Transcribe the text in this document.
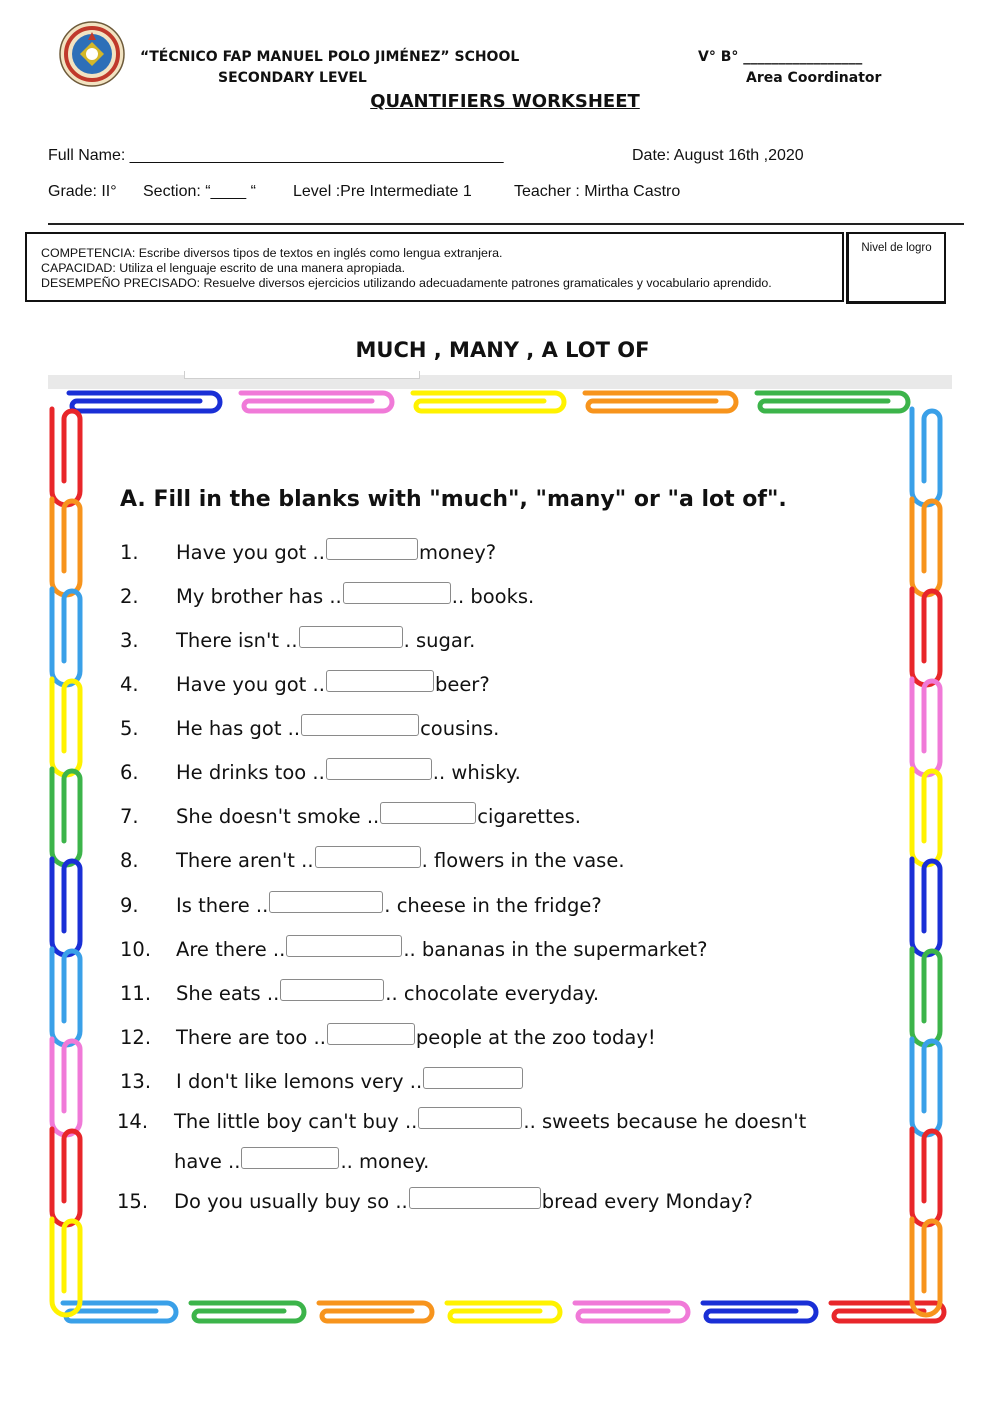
“TÉCNICO FAP MANUEL POLO JIMÉNEZ” SCHOOL
SECONDARY LEVEL
V° B° _________________
Area Coordinator
QUANTIFIERS WORKSHEET
Full Name: __________________________________________	Date: August 16th ,2020
Grade: II° Section: “____ “ Level :Pre Intermediate 1	Teacher : Mirtha Castro
COMPETENCIA: Escribe diversos tipos de textos en inglés como lengua extranjera.
CAPACIDAD: Utiliza el lenguaje escrito de una manera apropiada.
DESEMPEÑO PRECISADO: Resuelve diversos ejercicios utilizando adecuadamente patrones gramaticales y vocabulario aprendido.
Nivel de logro
MUCH , MANY , A LOT OF
A. Fill in the blanks with "much", "many" or "a lot of".
1. Have you got ..	money?
2. My brother has ..	.. books.
3. There isn't ..	. sugar.
4. Have you got ..	beer?
5. He has got ..	cousins.
6. He drinks too ..	.. whisky.
7. She doesn't smoke ..	cigarettes.
8. There aren't ..	. flowers in the vase.
9. Is there ..	. cheese in the fridge?
10. Are there ..	.. bananas in the supermarket?
11. She eats ..	.. chocolate everyday.
12. There are too ..	people at the zoo today!
13. I don't like lemons very ..
14. The little boy can't buy ..	.. sweets because he doesn't
have ..	.. money.
15. Do you usually buy so ..	bread every Monday?
